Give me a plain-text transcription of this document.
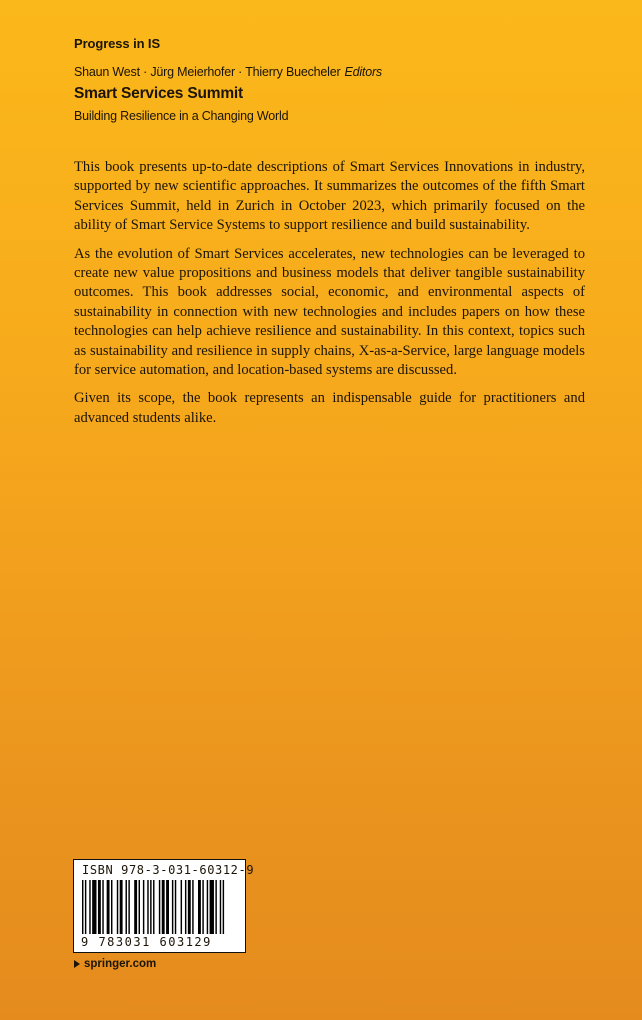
Progress in IS
Shaun West · Jürg Meierhofer · Thierry Buecheler Editors
Smart Services Summit
Building Resilience in a Changing World

This book presents up-to-date descriptions of Smart Services Innovations in industry, supported by new scientific approaches. It summarizes the outcomes of the fifth Smart Services Summit, held in Zurich in October 2023, which primarily focused on the ability of Smart Service Systems to support resilience and build sustainability.

As the evolution of Smart Services accelerates, new technologies can be leveraged to create new value propositions and business models that deliver tangible sustainability outcomes. This book addresses social, economic, and environmental aspects of sustainability in connection with new technologies and includes papers on how these technologies can help achieve resilience and sustainability. In this context, topics such as sustainability and resilience in supply chains, X-as-a-Service, large language models for service automation, and location-based systems are discussed.

Given its scope, the book represents an indispensable guide for practitioners and advanced students alike.

ISBN 978-3-031-60312-9
9 783031 603129
springer.com
